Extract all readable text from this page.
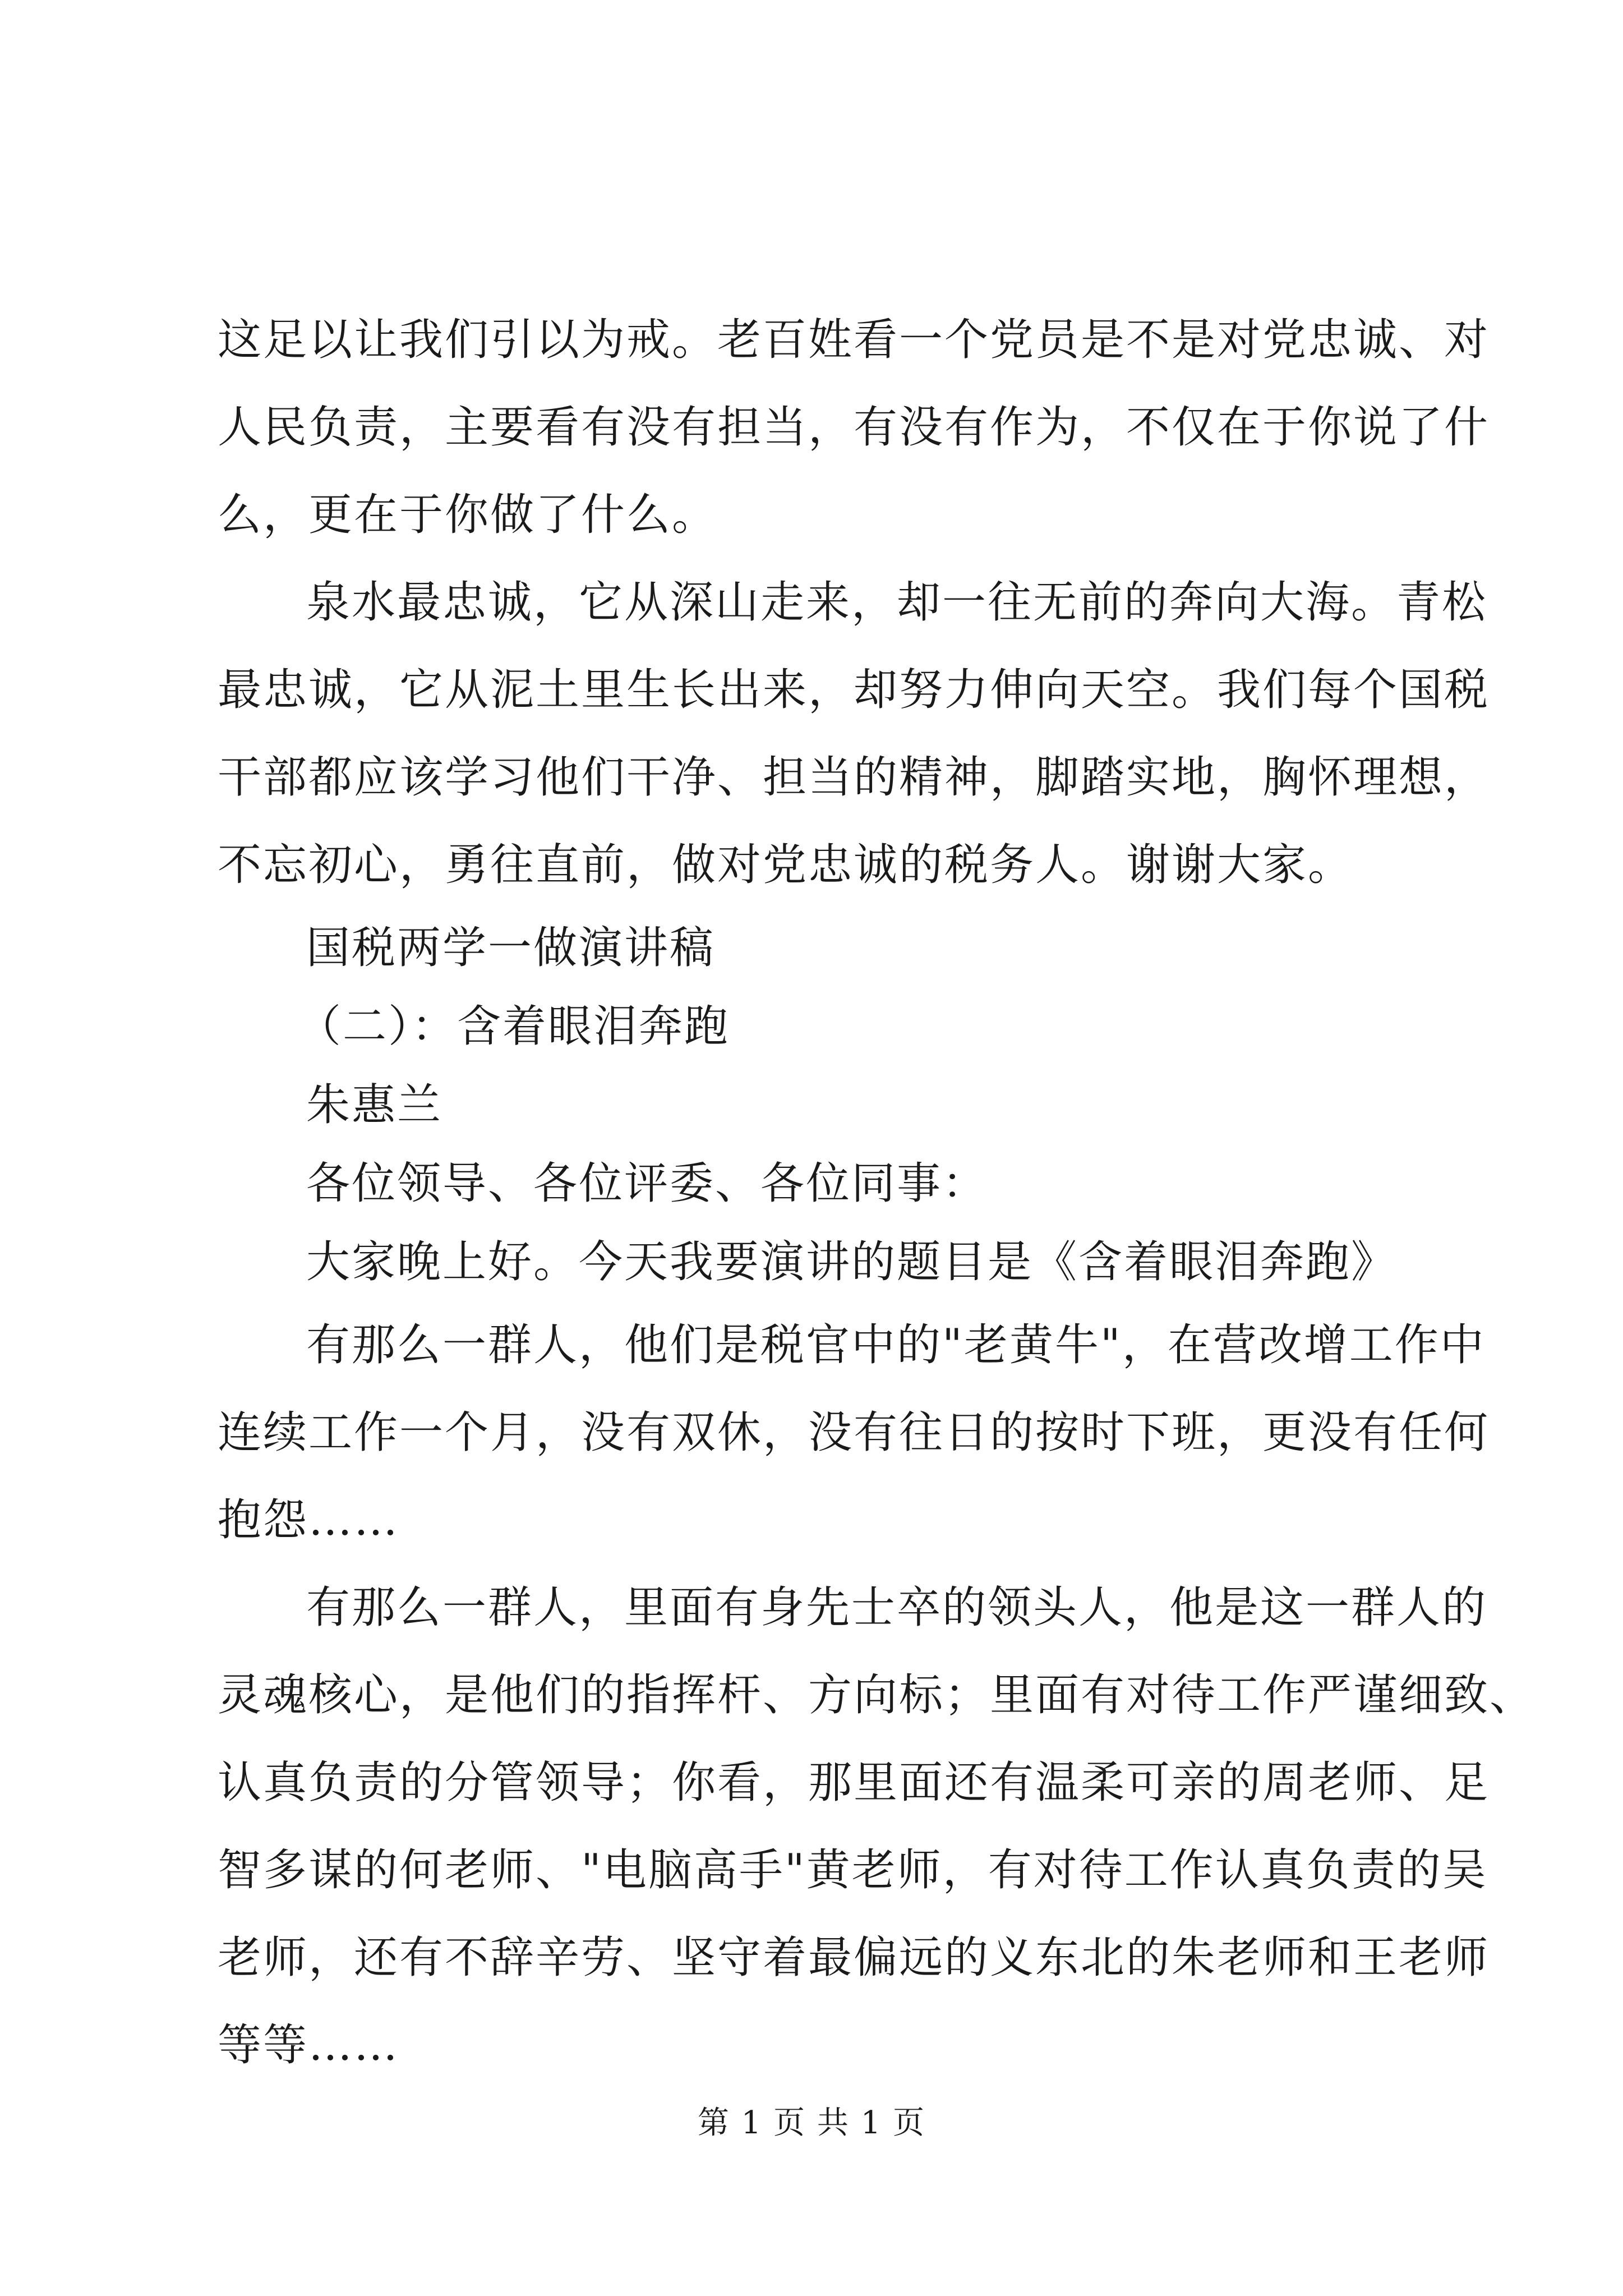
这足以让我们引以为戒。老百姓看一个党员是不是对党忠诚、对
人民负责，主要看有没有担当，有没有作为，不仅在于你说了什
么，更在于你做了什么。
泉水最忠诚，它从深山走来，却一往无前的奔向大海。青松
最忠诚，它从泥土里生长出来，却努力伸向天空。我们每个国税
干部都应该学习他们干净、担当的精神，脚踏实地，胸怀理想，
不忘初心，勇往直前，做对党忠诚的税务人。谢谢大家。
国税两学一做演讲稿
（二）：含着眼泪奔跑
朱惠兰
各位领导、各位评委、各位同事：
大家晚上好。今天我要演讲的题目是《含着眼泪奔跑》
有那么一群人，他们是税官中的"老黄牛"，在营改增工作中
连续工作一个月，没有双休，没有往日的按时下班，更没有任何
抱怨……
有那么一群人，里面有身先士卒的领头人，他是这一群人的
灵魂核心，是他们的指挥杆、方向标；里面有对待工作严谨细致、
认真负责的分管领导；你看，那里面还有温柔可亲的周老师、足
智多谋的何老师、"电脑高手"黄老师，有对待工作认真负责的吴
老师，还有不辞辛劳、坚守着最偏远的义东北的朱老师和王老师
等等……
第 1 页 共 1 页
